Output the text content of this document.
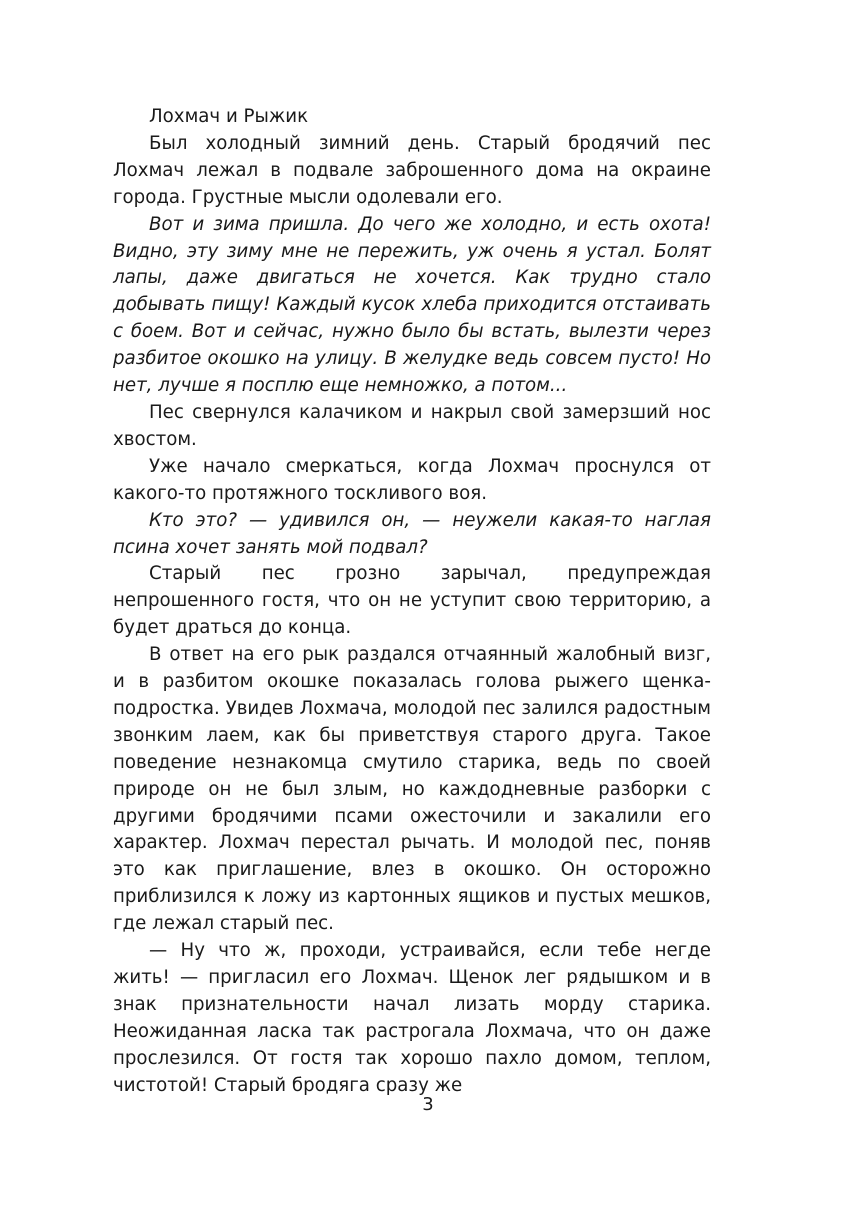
Лохмач и Рыжик

Был холодный зимний день. Старый бродячий пес Лохмач лежал в подвале заброшенного дома на окраине города. Грустные мысли одолевали его.

Вот и зима пришла. До чего же холодно, и есть охота! Видно, эту зиму мне не пережить, уж очень я устал. Болят лапы, даже двигаться не хочется. Как трудно стало добывать пищу! Каждый кусок хлеба приходится отстаивать с боем. Вот и сейчас, нужно было бы встать, вылезти через разбитое окошко на улицу. В желудке ведь совсем пусто! Но нет, лучше я посплю еще немножко, а потом...

Пес свернулся калачиком и накрыл свой замерзший нос хвостом.

Уже начало смеркаться, когда Лохмач проснулся от какого-то протяжного тоскливого воя.

Кто это? — удивился он, — неужели какая-то наглая псина хочет занять мой подвал?

Старый пес грозно зарычал, предупреждая непрошенного гостя, что он не уступит свою территорию, а будет драться до конца.

В ответ на его рык раздался отчаянный жалобный визг, и в разбитом окошке показалась голова рыжего щенка-подростка. Увидев Лохмача, молодой пес залился радостным звонким лаем, как бы приветствуя старого друга. Такое поведение незнакомца смутило старика, ведь по своей природе он не был злым, но каждодневные разборки с другими бродячими псами ожесточили и закалили его характер. Лохмач перестал рычать. И молодой пес, поняв это как приглашение, влез в окошко. Он осторожно приблизился к ложу из картонных ящиков и пустых мешков, где лежал старый пес.

— Ну что ж, проходи, устраивайся, если тебе негде жить! — пригласил его Лохмач. Щенок лег рядышком и в знак признательности начал лизать морду старика. Неожиданная ласка так растрогала Лохмача, что он даже прослезился. От гостя так хорошо пахло домом, теплом, чистотой! Старый бродяга сразу же

3
